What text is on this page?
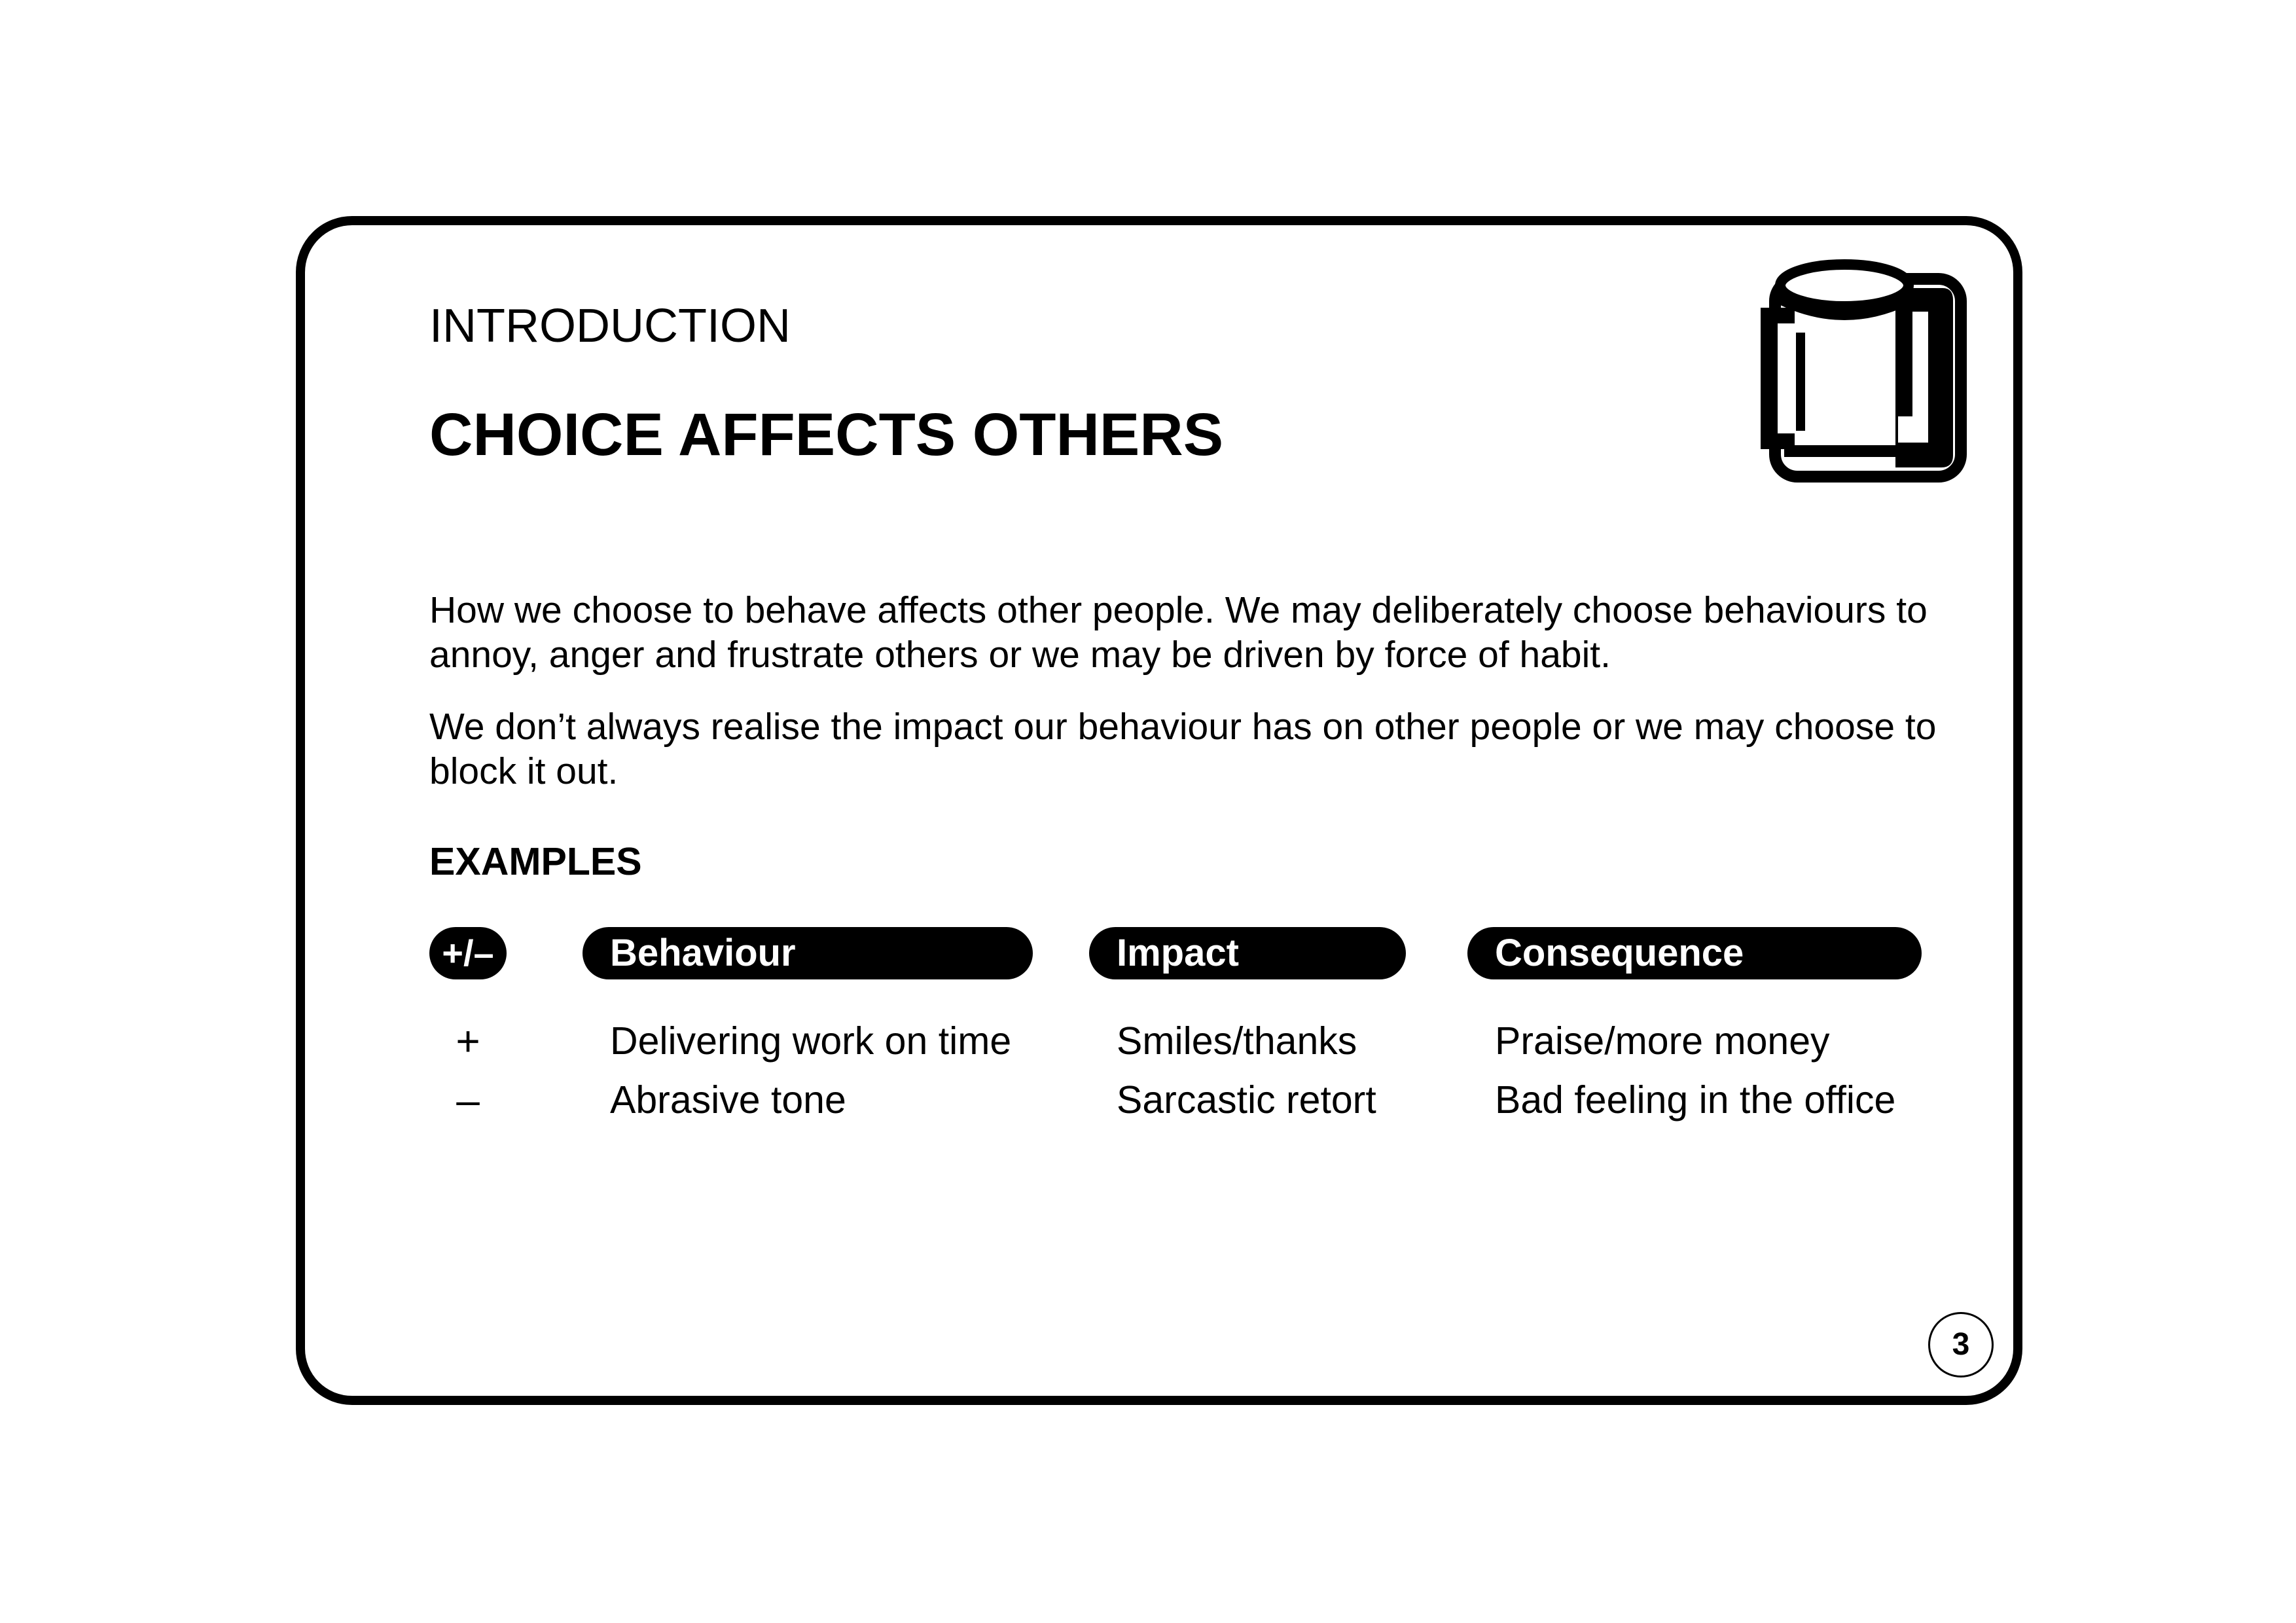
INTRODUCTION
CHOICE AFFECTS OTHERS

How we choose to behave affects other people. We may deliberately choose behaviours to annoy, anger and frustrate others or we may be driven by force of habit.

We don’t always realise the impact our behaviour has on other people or we may choose to block it out.

EXAMPLES
+/–	Behaviour	Impact	Consequence
+	Delivering work on time	Smiles/thanks	Praise/more money
–	Abrasive tone	Sarcastic retort	Bad feeling in the office
3
